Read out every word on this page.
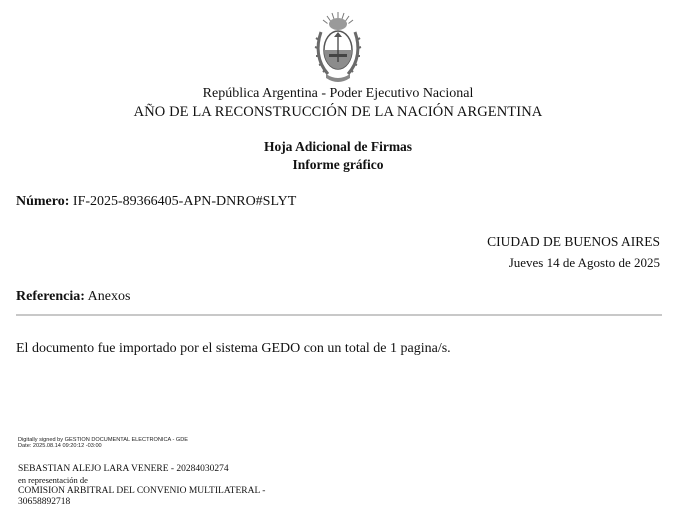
República Argentina - Poder Ejecutivo Nacional
AÑO DE LA RECONSTRUCCIÓN DE LA NACIÓN ARGENTINA
Hoja Adicional de Firmas
Informe gráfico
Número: IF-2025-89366405-APN-DNRO#SLYT
CIUDAD DE BUENOS AIRES
Jueves 14 de Agosto de 2025
Referencia: Anexos
El documento fue importado por el sistema GEDO con un total de 1 pagina/s.
Digitally signed by GESTION DOCUMENTAL ELECTRONICA - GDE
Date: 2025.08.14 09:20:12 -03:00
SEBASTIAN ALEJO LARA VENERE - 20284030274
en representación de
COMISION ARBITRAL DEL CONVENIO MULTILATERAL -
30658892718
